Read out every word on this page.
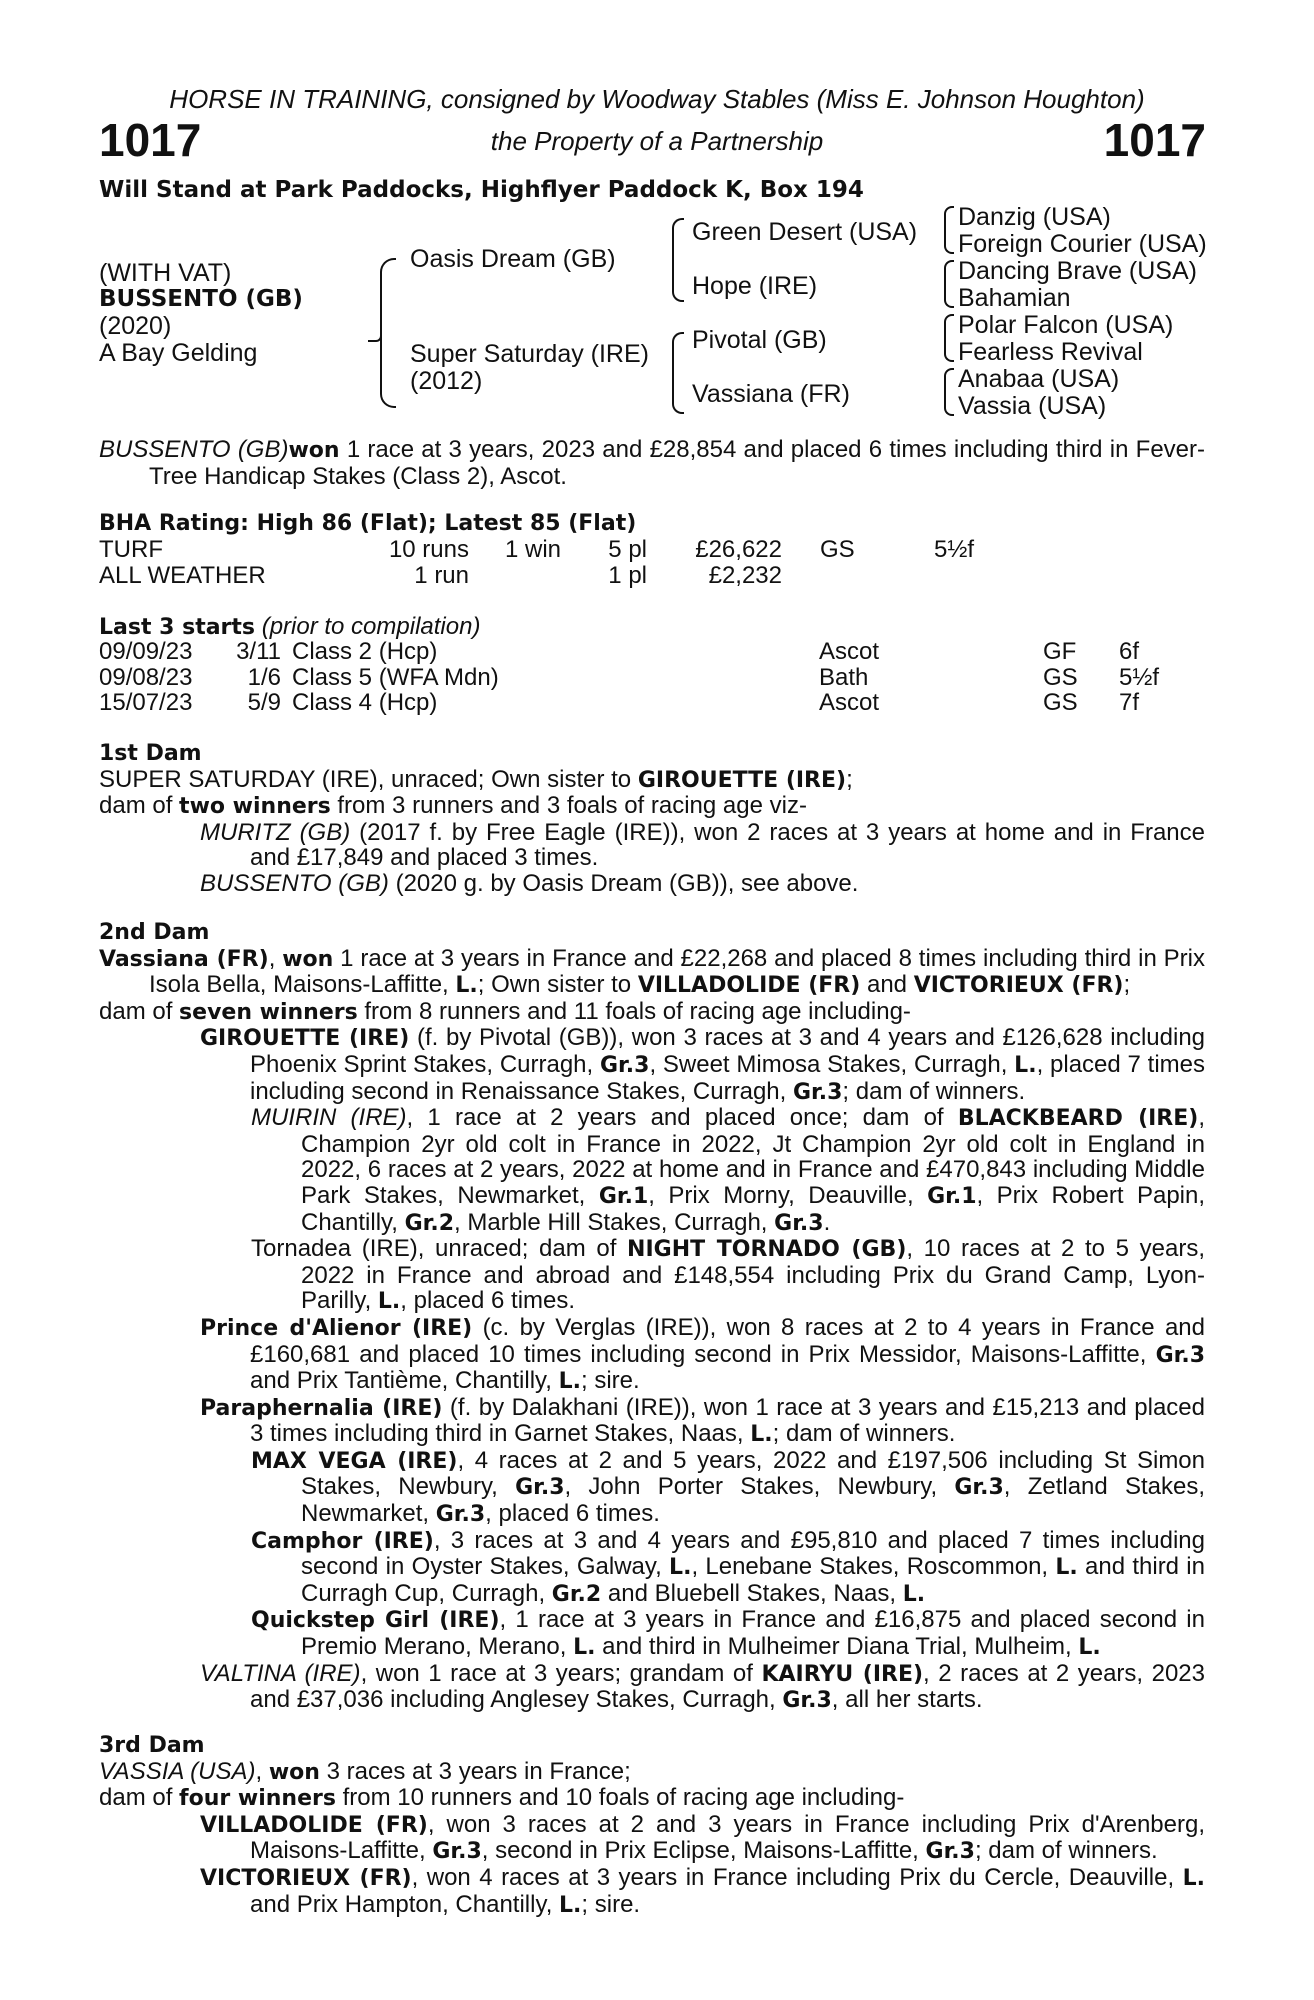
HORSE IN TRAINING, consigned by Woodway Stables (Miss E. Johnson Houghton)
1017	the Property of a Partnership	1017
Will Stand at Park Paddocks, Highflyer Paddock K, Box 194
(WITH VAT)
BUSSENTO (GB)
(2020)
A Bay Gelding
Oasis Dream (GB)
Super Saturday (IRE)
(2012)
Green Desert (USA)
Hope (IRE)
Pivotal (GB)
Vassiana (FR)
Danzig (USA)
Foreign Courier (USA)
Dancing Brave (USA)
Bahamian
Polar Falcon (USA)
Fearless Revival
Anabaa (USA)
Vassia (USA)

BUSSENTO (GB)won 1 race at 3 years, 2023 and £28,854 and placed 6 times including third in Fever-Tree Handicap Stakes (Class 2), Ascot.

BHA Rating: High 86 (Flat); Latest 85 (Flat)
TURF	10 runs	1 win	5 pl	£26,622		GS	5½f
ALL WEATHER	1 run		1 pl	£2,232			
Last 3 starts (prior to compilation)
09/09/23	3/11	Class 2 (Hcp)	Ascot	GF	6f
09/08/23	1/6	Class 5 (WFA Mdn)	Bath	GS	5½f
15/07/23	5/9	Class 4 (Hcp)	Ascot	GS	7f

1st Dam

SUPER SATURDAY (IRE), unraced; Own sister to GIROUETTE (IRE);

dam of two winners from 3 runners and 3 foals of racing age viz-

MURITZ (GB) (2017 f. by Free Eagle (IRE)), won 2 races at 3 years at home and in France and £17,849 and placed 3 times.

BUSSENTO (GB) (2020 g. by Oasis Dream (GB)), see above.

2nd Dam

Vassiana (FR), won 1 race at 3 years in France and £22,268 and placed 8 times including third in Prix Isola Bella, Maisons-Laffitte, L.; Own sister to VILLADOLIDE (FR) and VICTORIEUX (FR);

dam of seven winners from 8 runners and 11 foals of racing age including-

GIROUETTE (IRE) (f. by Pivotal (GB)), won 3 races at 3 and 4 years and £126,628 including Phoenix Sprint Stakes, Curragh, Gr.3, Sweet Mimosa Stakes, Curragh, L., placed 7 times including second in Renaissance Stakes, Curragh, Gr.3; dam of winners.

MUIRIN (IRE), 1 race at 2 years and placed once; dam of BLACKBEARD (IRE), Champion 2yr old colt in France in 2022, Jt Champion 2yr old colt in England in 2022, 6 races at 2 years, 2022 at home and in France and £470,843 including Middle Park Stakes, Newmarket, Gr.1, Prix Morny, Deauville, Gr.1, Prix Robert Papin, Chantilly, Gr.2, Marble Hill Stakes, Curragh, Gr.3.

Tornadea (IRE), unraced; dam of NIGHT TORNADO (GB), 10 races at 2 to 5 years, 2022 in France and abroad and £148,554 including Prix du Grand Camp, Lyon-Parilly, L., placed 6 times.

Prince d'Alienor (IRE) (c. by Verglas (IRE)), won 8 races at 2 to 4 years in France and £160,681 and placed 10 times including second in Prix Messidor, Maisons-Laffitte, Gr.3 and Prix Tantième, Chantilly, L.; sire.

Paraphernalia (IRE) (f. by Dalakhani (IRE)), won 1 race at 3 years and £15,213 and placed 3 times including third in Garnet Stakes, Naas, L.; dam of winners.

MAX VEGA (IRE), 4 races at 2 and 5 years, 2022 and £197,506 including St Simon Stakes, Newbury, Gr.3, John Porter Stakes, Newbury, Gr.3, Zetland Stakes, Newmarket, Gr.3, placed 6 times.

Camphor (IRE), 3 races at 3 and 4 years and £95,810 and placed 7 times including second in Oyster Stakes, Galway, L., Lenebane Stakes, Roscommon, L. and third in Curragh Cup, Curragh, Gr.2 and Bluebell Stakes, Naas, L.

Quickstep Girl (IRE), 1 race at 3 years in France and £16,875 and placed second in Premio Merano, Merano, L. and third in Mulheimer Diana Trial, Mulheim, L.

VALTINA (IRE), won 1 race at 3 years; grandam of KAIRYU (IRE), 2 races at 2 years, 2023 and £37,036 including Anglesey Stakes, Curragh, Gr.3, all her starts.

3rd Dam

VASSIA (USA), won 3 races at 3 years in France;

dam of four winners from 10 runners and 10 foals of racing age including-

VILLADOLIDE (FR), won 3 races at 2 and 3 years in France including Prix d'Arenberg, Maisons-Laffitte, Gr.3, second in Prix Eclipse, Maisons-Laffitte, Gr.3; dam of winners.

VICTORIEUX (FR), won 4 races at 3 years in France including Prix du Cercle, Deauville, L. and Prix Hampton, Chantilly, L.; sire.
